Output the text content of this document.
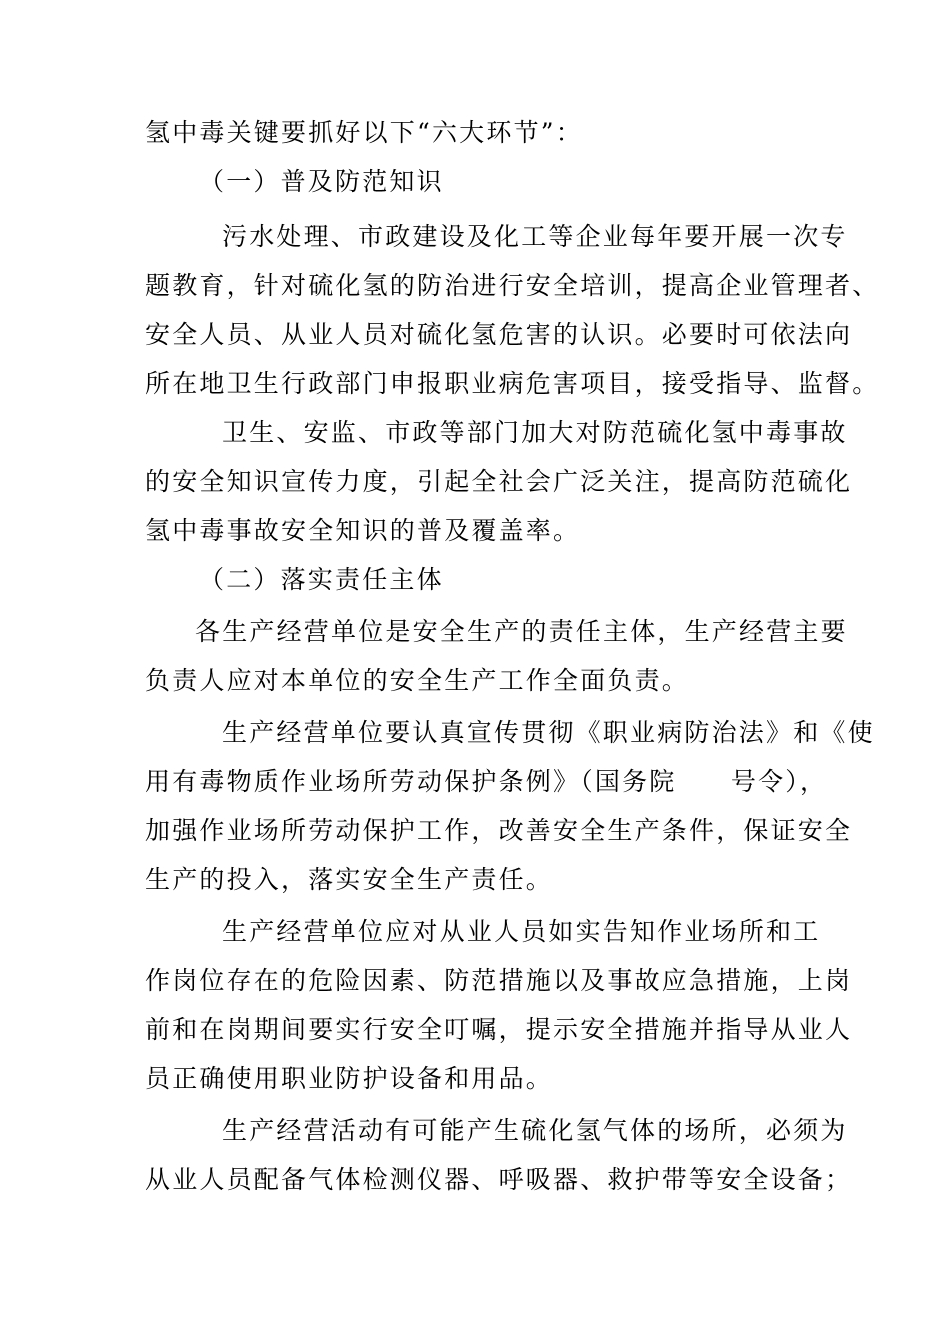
氢中毒关键要抓好以下“六大环节”：
（一）普及防范知识
污水处理、市政建设及化工等企业每年要开展一次专
题教育，针对硫化氢的防治进行安全培训，提高企业管理者、
安全人员、从业人员对硫化氢危害的认识。必要时可依法向
所在地卫生行政部门申报职业病危害项目，接受指导、监督。
卫生、安监、市政等部门加大对防范硫化氢中毒事故
的安全知识宣传力度，引起全社会广泛关注，提高防范硫化
氢中毒事故安全知识的普及覆盖率。
（二）落实责任主体
各生产经营单位是安全生产的责任主体，生产经营主要
负责人应对本单位的安全生产工作全面负责。
生产经营单位要认真宣传贯彻《职业病防治法》和《使
用有毒物质作业场所劳动保护条例》（国务院　　号令），
加强作业场所劳动保护工作，改善安全生产条件，保证安全
生产的投入，落实安全生产责任。
生产经营单位应对从业人员如实告知作业场所和工
作岗位存在的危险因素、防范措施以及事故应急措施，上岗
前和在岗期间要实行安全叮嘱，提示安全措施并指导从业人
员正确使用职业防护设备和用品。
生产经营活动有可能产生硫化氢气体的场所，必须为
从业人员配备气体检测仪器、呼吸器、救护带等安全设备；
